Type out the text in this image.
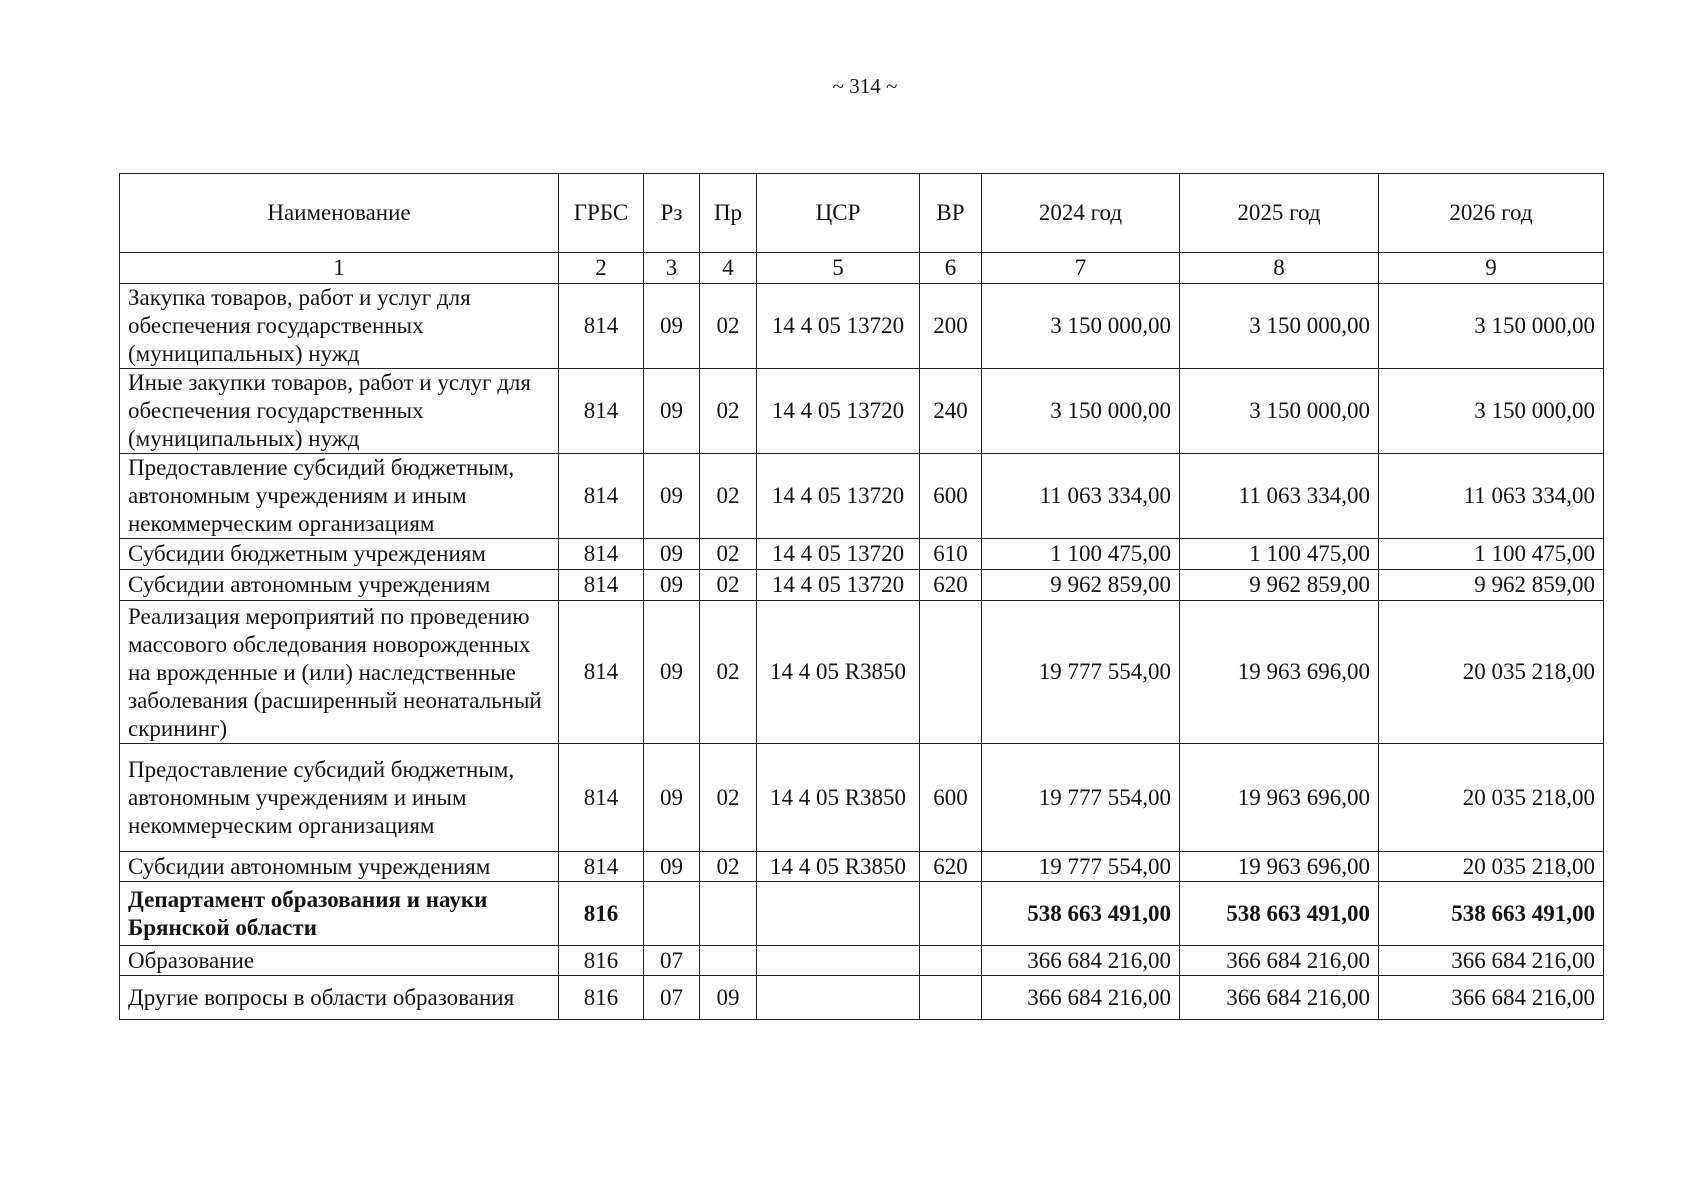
~ 314 ~
Наименование	ГРБС	Рз	Пр	ЦСР	ВР	2024 год	2025 год	2026 год
1	2	3	4	5	6	7	8	9
Закупка товаров, работ и услуг для обеспечения государственных (муниципальных) нужд	814	09	02	14 4 05 13720	200	3 150 000,00	3 150 000,00	3 150 000,00
Иные закупки товаров, работ и услуг для обеспечения государственных (муниципальных) нужд	814	09	02	14 4 05 13720	240	3 150 000,00	3 150 000,00	3 150 000,00
Предоставление субсидий бюджетным, автономным учреждениям и иным некоммерческим организациям	814	09	02	14 4 05 13720	600	11 063 334,00	11 063 334,00	11 063 334,00
Субсидии бюджетным учреждениям	814	09	02	14 4 05 13720	610	1 100 475,00	1 100 475,00	1 100 475,00
Субсидии автономным учреждениям	814	09	02	14 4 05 13720	620	9 962 859,00	9 962 859,00	9 962 859,00
Реализация мероприятий по проведению массового обследования новорожденных на врожденные и (или) наследственные заболевания (расширенный неонатальный скрининг)	814	09	02	14 4 05 R3850		19 777 554,00	19 963 696,00	20 035 218,00
Предоставление субсидий бюджетным, автономным учреждениям и иным некоммерческим организациям	814	09	02	14 4 05 R3850	600	19 777 554,00	19 963 696,00	20 035 218,00
Субсидии автономным учреждениям	814	09	02	14 4 05 R3850	620	19 777 554,00	19 963 696,00	20 035 218,00
Департамент образования и науки Брянской области	816					538 663 491,00	538 663 491,00	538 663 491,00
Образование	816	07				366 684 216,00	366 684 216,00	366 684 216,00
Другие вопросы в области образования	816	07	09			366 684 216,00	366 684 216,00	366 684 216,00
